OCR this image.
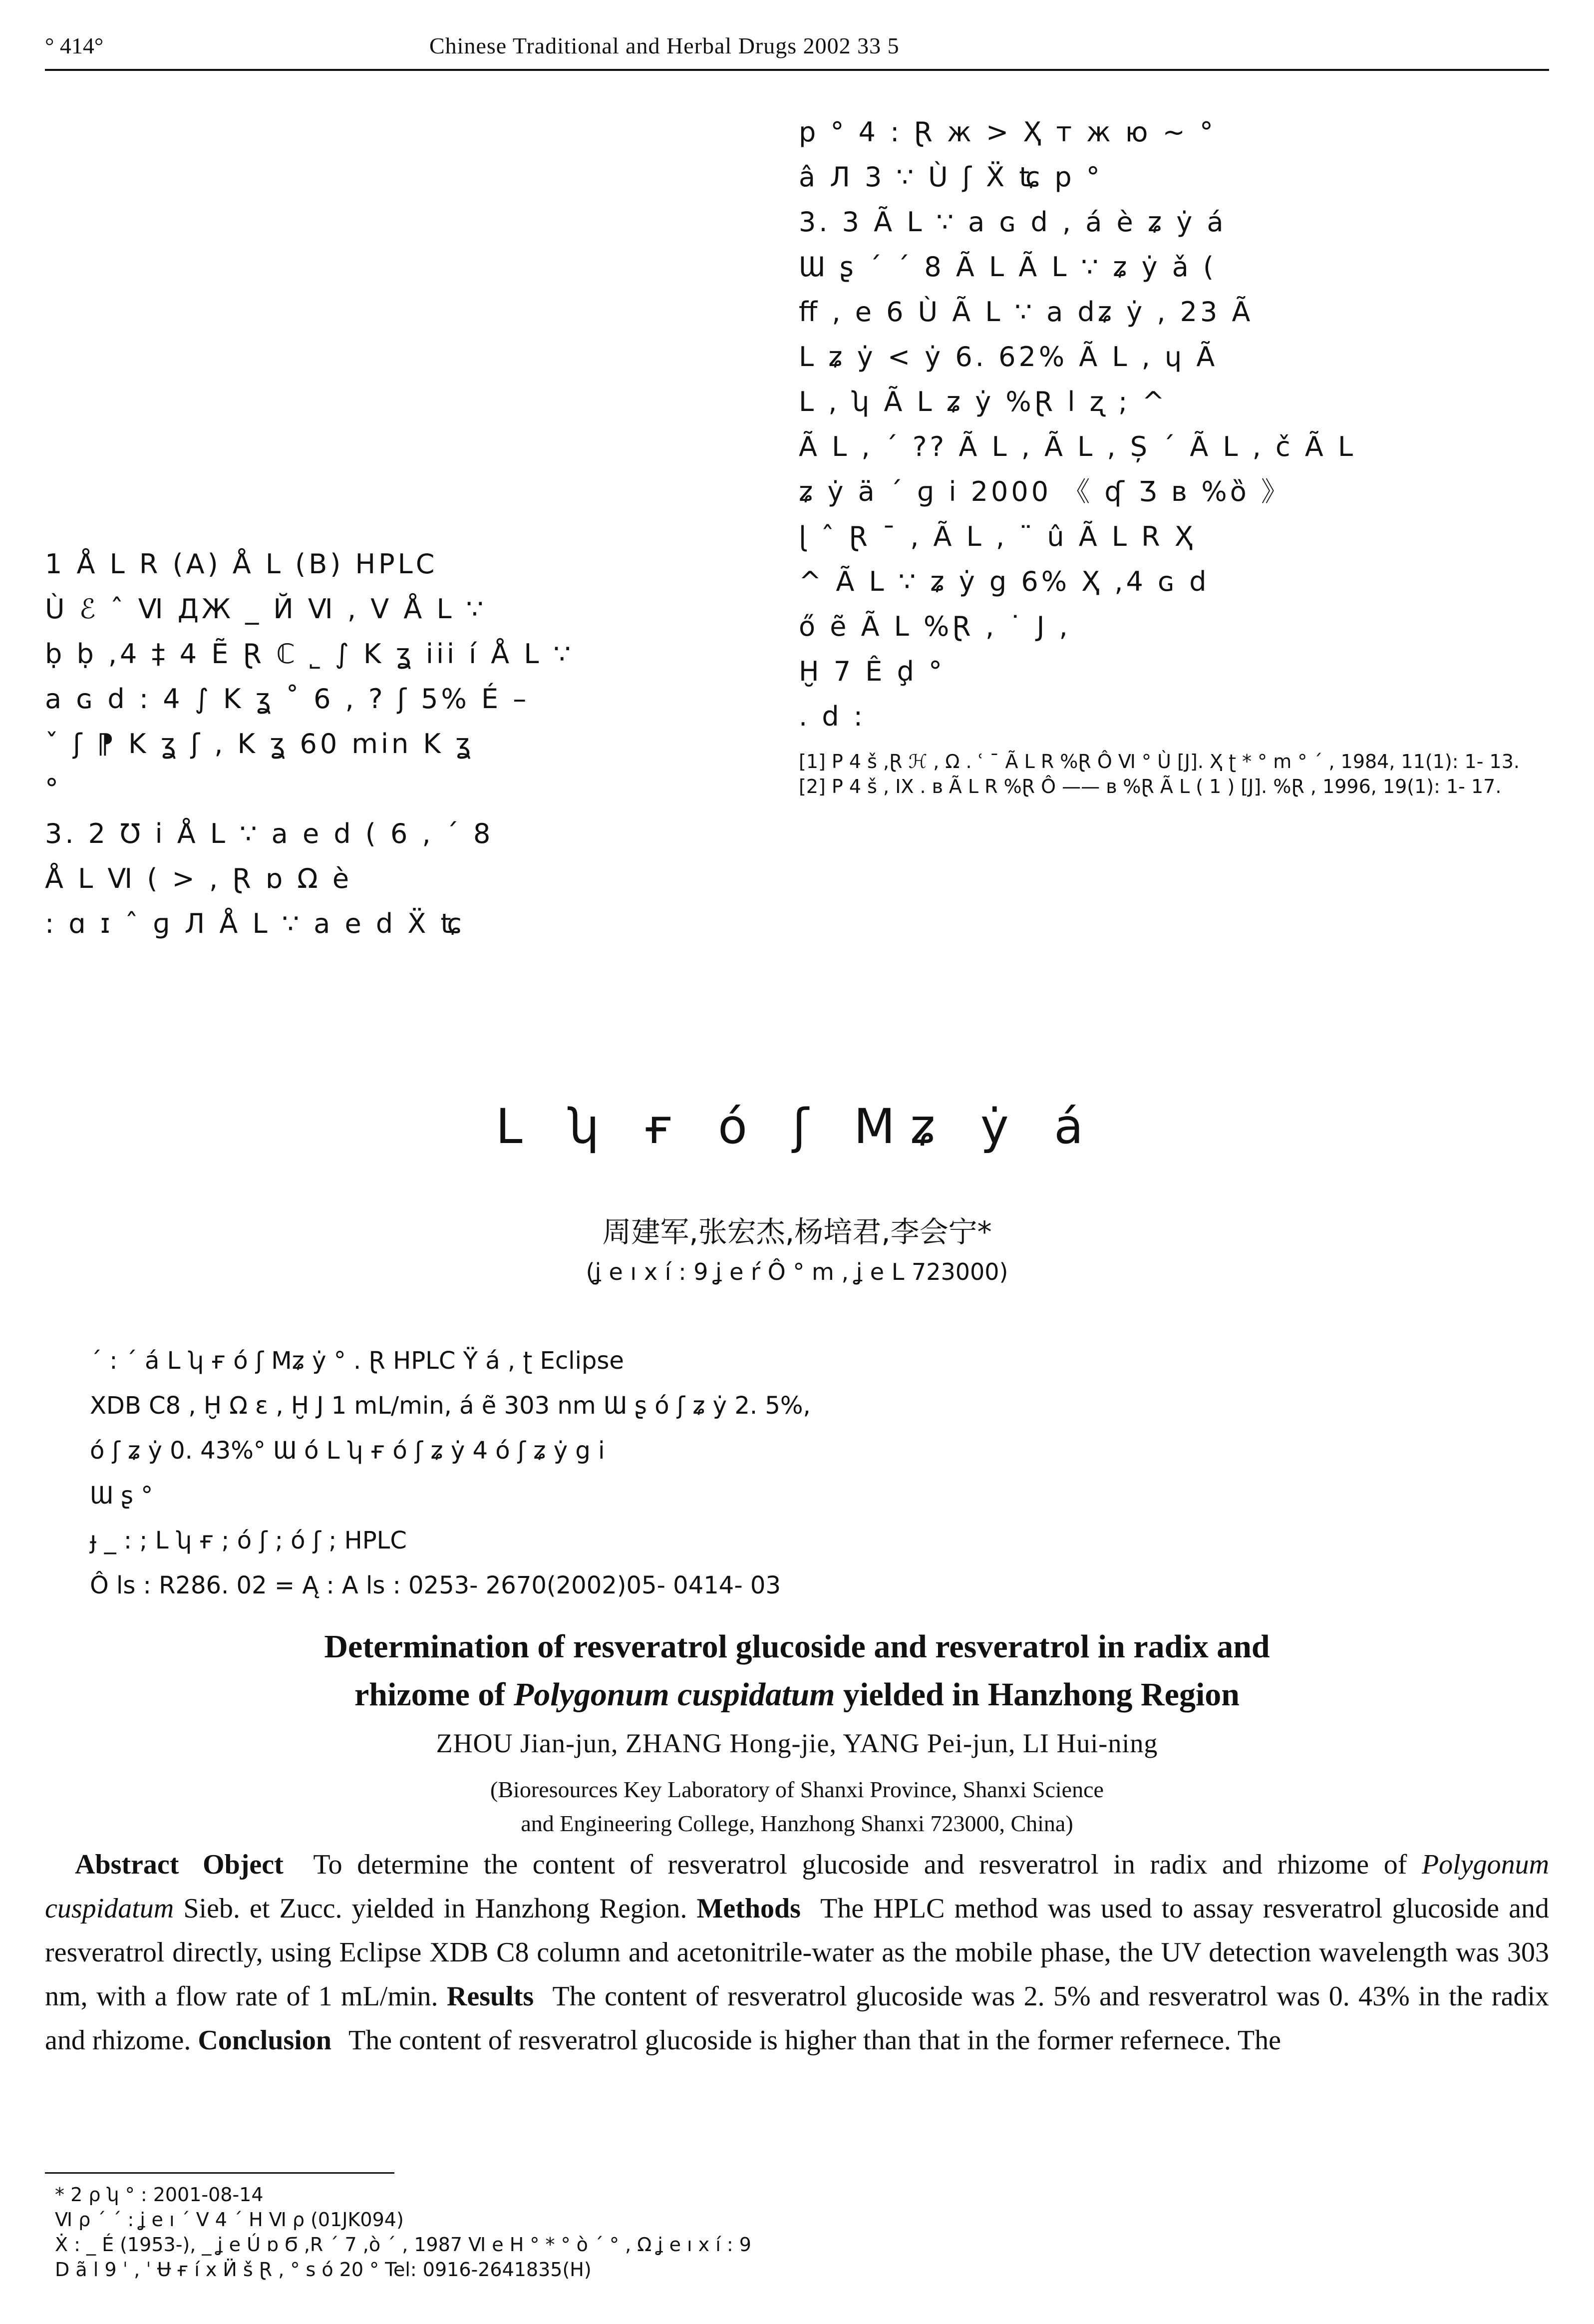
° 414°	Chinese Traditional and Herbal Drugs 2002 33 5
1 Å L R (A) Å L (B) HPLC
Ù ℰ ˆ Ⅵ ДЖ _ Й Ⅵ , Ⅴ Å L ∵
ḅ ḅ ,4 ‡ 4 Ẽ Ɽ ℂ ˾ ∫ K ʓ iii í Å L ∵
a ɢ d : 4 ∫ K ʓ ˚ 6 , ? ʃ 5% É –
ˇ ʃ ⁋ K ʓ ʃ , K ʓ 60 min K ʓ
°
3. 2 Ʊ i Å L ∵ a e d ( 6 , ´ 8
Å L Ⅵ ( > , Ɽ ɒ Ω è
: ɑ ɪ ˆ ɡ Л Å L ∵ a e d Ẍ ʨ
p ° 4 : Ɽ ж > Ҳ т ж ю ~ °
â Л 3 ∵ Ù ʃ Ẍ ʨ p °
3. 3 Ã L ∵ a ɢ d , á è ʑ ẏ á
Ɯ ʂ ´ ´ 8 Ã L Ã L ∵ ʑ ẏ ǎ (
ﬀ , e 6 Ù Ã L ∵ a dʑ ẏ , 23 Ã
L ʑ ẏ < ẏ 6. 62% Ã L , ɥ Ã
L , ʮ Ã L ʑ ẏ %Ɽ l ʐ ; ^
Ã L , ´ ?? Ã L , Ã L , Ș ´ Ã L , č Ã L
ʑ ẏ ä ´ ɡ i 2000 《 ʠ Ʒ ʙ %ȍ 》
ɭ ˆ Ɽ ¯ , Ã L , ¨ û Ã L R Ҳ
^ Ã L ∵ ʑ ẏ g 6% Ҳ ,4 ɢ d
ő ẽ Ã L %Ɽ , ˙ J ,
Ḫ 7 Ê ḑ °
. d :
[1] P 4 š ,Ɽ ℋ , Ω . ʿ ¯ Ã L R %Ɽ Ô Ⅵ ° Ù [J]. Ҳ ʈ * ° m ° ´ , 1984, 11(1): 1- 13.
[2] P 4 š , IX . ʙ Ã L R %Ɽ Ô —— ʙ %Ɽ Ã L ( 1 ) [J]. %Ɽ , 1996, 19(1): 1- 17.
L ʮ ғ ó ʃ Mʑ ẏ á
周建军,张宏杰,杨培君,李会宁*
(ʝ e ı x í : 9 ʝ e ŕ Ô ° m , ʝ e L 723000)
´ : ´ á L ʮ ғ ó ʃ Mʑ ẏ ° . Ɽ HPLC Ÿ á , ʈ Eclipse
XDB C8 , Ḫ Ω ɛ , Ḫ J 1 mL/min, á ẽ 303 nm Ɯ ʂ ó ʃ ʑ ẏ 2. 5%,
ó ʃ ʑ ẏ 0. 43%° Ɯ ó L ʮ ғ ó ʃ ʑ ẏ 4 ó ʃ ʑ ẏ g i
Ɯ ʂ °
ɟ _ : ; L ʮ ғ ; ó ʃ ; ó ʃ ; HPLC
Ô ls : R286. 02 = Ą : A ls : 0253- 2670(2002)05- 0414- 03
Determination of resveratrol glucoside and resveratrol in radix and
rhizome of Polygonum cuspidatum yielded in Hanzhong Region
ZHOU Jian-jun, ZHANG Hong-jie, YANG Pei-jun, LI Hui-ning
(Bioresources Key Laboratory of Shanxi Province, Shanxi Science
and Engineering College, Hanzhong Shanxi 723000, China)
Abstract Object To determine the content of resveratrol glucoside and resveratrol in radix and rhizome of Polygonum cuspidatum Sieb. et Zucc. yielded in Hanzhong Region. Methods The HPLC method was used to assay resveratrol glucoside and resveratrol directly, using Eclipse XDB C8 column and acetonitrile-water as the mobile phase, the UV detection wavelength was 303 nm, with a flow rate of 1 mL/min. Results The content of resveratrol glucoside was 2. 5% and resveratrol was 0. 43% in the radix and rhizome. Conclusion The content of resveratrol glucoside is higher than that in the former refernece. The
* 2 ρ ʮ ° : 2001-08-14
Ⅵ ρ ´ ´ : ʝ e ı ´ V 4 ´ H Ⅵ ρ (01JK094)
Ẋ : _ É (1953-), _ ʝ e Ú ɒ Ϭ ,R ´ 7 ,ò ´ , 1987 Ⅵ e H ° * ° ò ´ ° , Ω ʝ e ı x í : 9
D ã l 9 ˈ , ˈ Ʉ ғ í x Ӥ š Ɽ , ° s ó 20 ° Tel: 0916-2641835(H)
